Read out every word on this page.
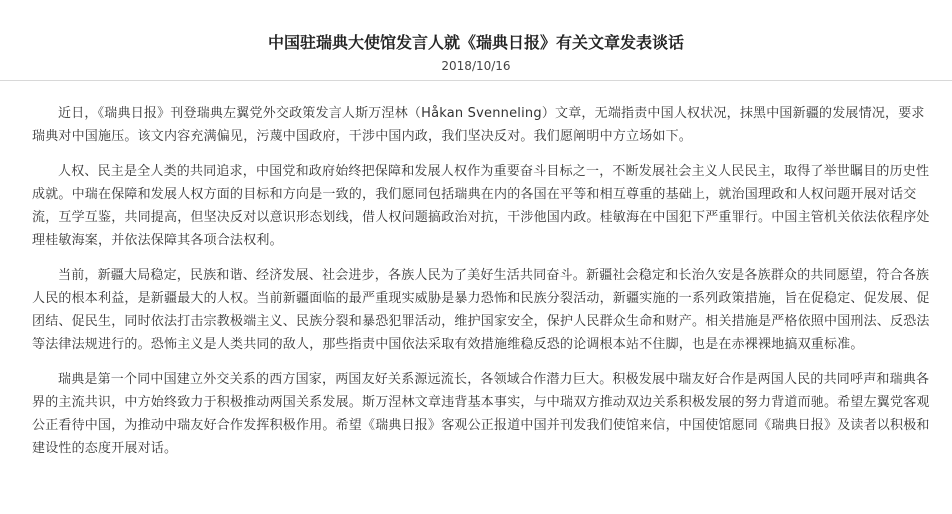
中国驻瑞典大使馆发言人就《瑞典日报》有关文章发表谈话
2018/10/16

近日，《瑞典日报》刊登瑞典左翼党外交政策发言人斯万涅林（Håkan Svenneling）文章，无端指责中国人权状况，抹黑中国新疆的发展情况，要求瑞典对中国施压。该文内容充满偏见，污蔑中国政府，干涉中国内政，我们坚决反对。我们愿阐明中方立场如下。

人权、民主是全人类的共同追求，中国党和政府始终把保障和发展人权作为重要奋斗目标之一，不断发展社会主义人民民主，取得了举世瞩目的历史性成就。中瑞在保障和发展人权方面的目标和方向是一致的，我们愿同包括瑞典在内的各国在平等和相互尊重的基础上，就治国理政和人权问题开展对话交流，互学互鉴，共同提高，但坚决反对以意识形态划线，借人权问题搞政治对抗，干涉他国内政。桂敏海在中国犯下严重罪行。中国主管机关依法依程序处理桂敏海案，并依法保障其各项合法权利。

当前，新疆大局稳定，民族和谐、经济发展、社会进步，各族人民为了美好生活共同奋斗。新疆社会稳定和长治久安是各族群众的共同愿望，符合各族人民的根本利益，是新疆最大的人权。当前新疆面临的最严重现实威胁是暴力恐怖和民族分裂活动，新疆实施的一系列政策措施，旨在促稳定、促发展、促团结、促民生，同时依法打击宗教极端主义、民族分裂和暴恐犯罪活动，维护国家安全，保护人民群众生命和财产。相关措施是严格依照中国刑法、反恐法等法律法规进行的。恐怖主义是人类共同的敌人，那些指责中国依法采取有效措施维稳反恐的论调根本站不住脚，也是在赤裸裸地搞双重标准。

瑞典是第一个同中国建立外交关系的西方国家，两国友好关系源远流长，各领域合作潜力巨大。积极发展中瑞友好合作是两国人民的共同呼声和瑞典各界的主流共识，中方始终致力于积极推动两国关系发展。斯万涅林文章违背基本事实，与中瑞双方推动双边关系积极发展的努力背道而驰。希望左翼党客观公正看待中国，为推动中瑞友好合作发挥积极作用。希望《瑞典日报》客观公正报道中国并刊发我们使馆来信，中国使馆愿同《瑞典日报》及读者以积极和建设性的态度开展对话。
